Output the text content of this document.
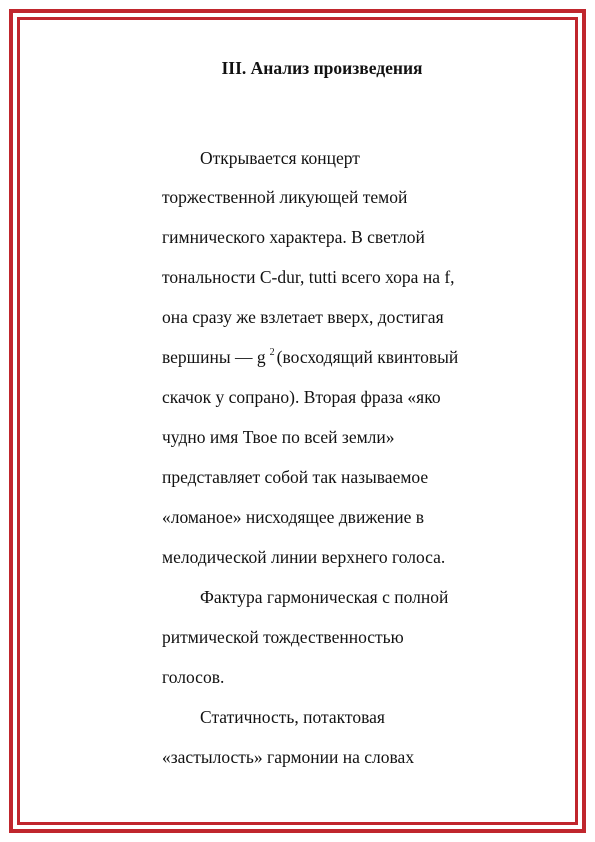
III. Анализ произведения
Открывается концерт
торжественной ликующей темой
гимнического характера. В светлой
тональности C-dur, tutti всего хора на f,
она сразу же взлетает вверх, достигая
вершины — g $^2$ (восходящий квинтовый
скачок у сопрано). Вторая фраза «яко
чудно имя Твое по всей земли»
представляет собой так называемое
«ломаное» нисходящее движение в
мелодической линии верхнего голоса.
Фактура гармоническая с полной
ритмической тождественностью
голосов.
Статичность, потактовая
«застылость» гармонии на словах
